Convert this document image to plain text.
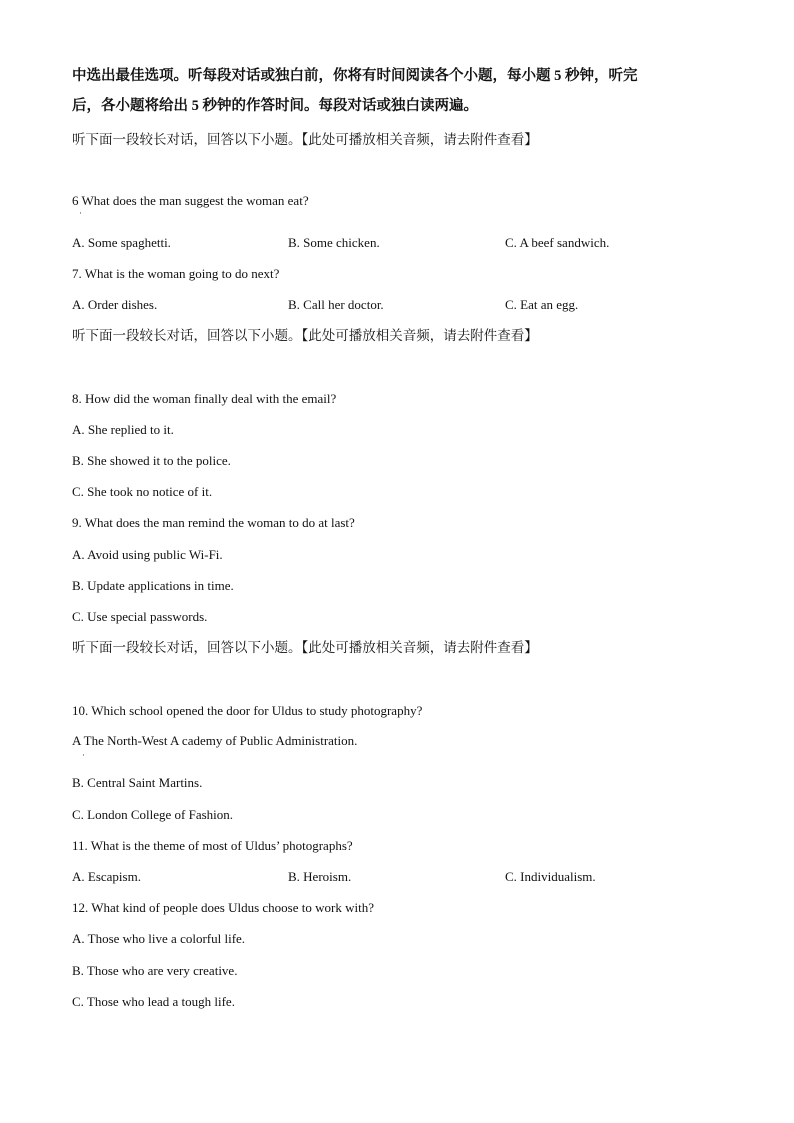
中选出最佳选项。听每段对话或独白前，你将有时间阅读各个小题，每小题 5 秒钟，听完
后，各小题将给出 5 秒钟的作答时间。每段对话或独白读两遍。
听下面一段较长对话，回答以下小题。【此处可播放相关音频，请去附件查看】
6 What does the man suggest the woman eat?
·
A. Some spaghetti.	B. Some chicken.	C. A beef sandwich.
7. What is the woman going to do next?
A. Order dishes.	B. Call her doctor.	C. Eat an egg.
听下面一段较长对话，回答以下小题。【此处可播放相关音频，请去附件查看】
8. How did the woman finally deal with the email?
A. She replied to it.
B. She showed it to the police.
C. She took no notice of it.
9. What does the man remind the woman to do at last?
A. Avoid using public Wi-Fi.
B. Update applications in time.
C. Use special passwords.
听下面一段较长对话，回答以下小题。【此处可播放相关音频，请去附件查看】
10. Which school opened the door for Uldus to study photography?
A The North-West A cademy of Public Administration.
·
B. Central Saint Martins.
C. London College of Fashion.
11. What is the theme of most of Uldus’ photographs?
A. Escapism.	B. Heroism.	C. Individualism.
12. What kind of people does Uldus choose to work with?
A. Those who live a colorful life.
B. Those who are very creative.
C. Those who lead a tough life.
